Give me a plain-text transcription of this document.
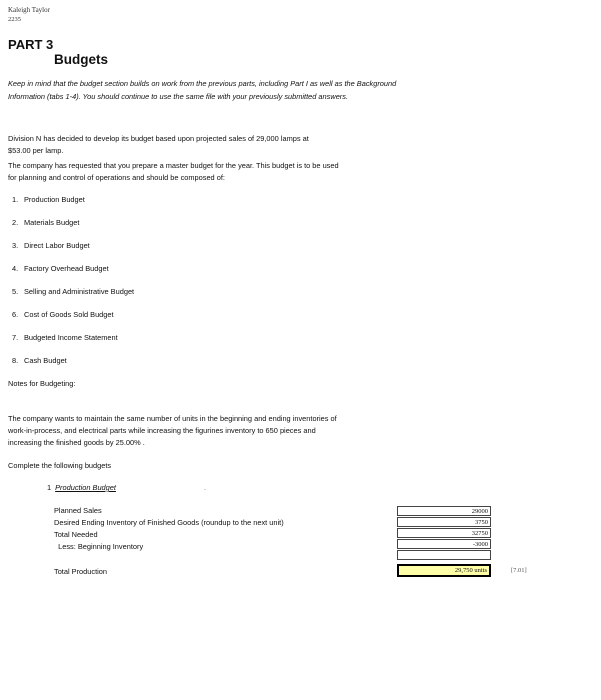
Kaleigh Taylor
2235
PART 3
Budgets
Keep in mind that the budget section builds on work from the previous parts, including Part I as well as the Background Information (tabs 1-4). You should continue to use the same file with your previously submitted answers.
Division N has decided to develop its budget based upon projected sales of 29,000 lamps at
$53.00 per lamp.
The company has requested that you prepare a master budget for the year. This budget is to be used
for planning and control of operations and should be composed of:
1. Production Budget
2. Materials Budget
3. Direct Labor Budget
4. Factory Overhead Budget
5. Selling and Administrative Budget
6. Cost of Goods Sold Budget
7. Budgeted Income Statement
8. Cash Budget
Notes for Budgeting:
The company wants to maintain the same number of units in the beginning and ending inventories of
work-in-process, and electrical parts while increasing the figurines inventory to 650 pieces and
increasing the finished goods by 25.00% .
Complete the following budgets
1 Production Budget	.
Planned Sales
Desired Ending Inventory of Finished Goods (roundup to the next unit)
Total Needed
Less: Beginning Inventory
Total Production
29000
3750
32750
-3000
29,750 units	[7.01]
